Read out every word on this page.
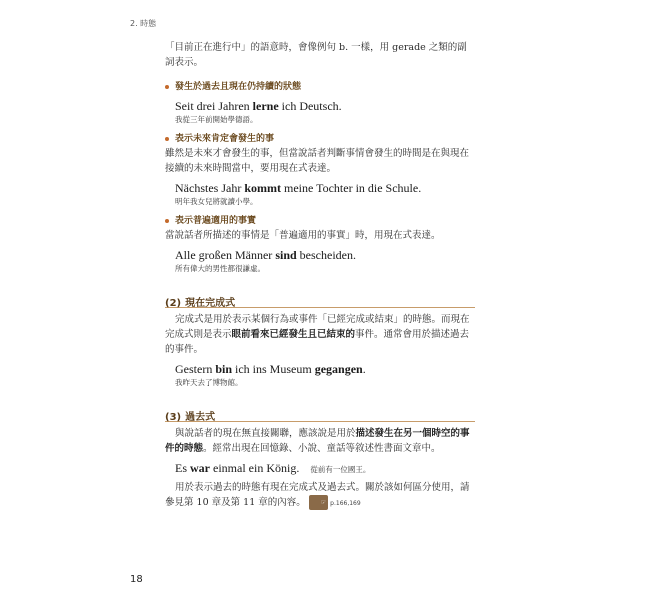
2. 時態
「目前正在進行中」的語意時，會像例句 b. 一樣，用 gerade 之類的副詞表示。
發生於過去且現在仍持續的狀態
Seit drei Jahren lerne ich Deutsch.
我從三年前開始學德語。
表示未來肯定會發生的事
雖然是未來才會發生的事，但當說話者判斷事情會發生的時間是在與現在接續的未來時間當中，要用現在式表達。
Nächstes Jahr kommt meine Tochter in die Schule.
明年我女兒將就讀小學。
表示普遍適用的事實
當說話者所描述的事情是「普遍適用的事實」時，用現在式表達。
Alle großen Männer sind bescheiden.
所有偉大的男性都很謙虛。
(2) 現在完成式
完成式是用於表示某個行為或事件「已經完成或結束」的時態。而現在完成式則是表示眼前看來已經發生且已結束的事件。通常會用於描述過去的事件。
Gestern bin ich ins Museum gegangen.
我昨天去了博物館。
(3) 過去式
與說話者的現在無直接關聯，應該說是用於描述發生在另一個時空的事件的時態。經常出現在回憶錄、小說、童話等敘述性書面文章中。
Es war einmal ein König. 從前有一位國王。
用於表示過去的時態有現在完成式及過去式。關於該如何區分使用，請參見第 10 章及第 11 章的內容。	☞ p.166,169
18
